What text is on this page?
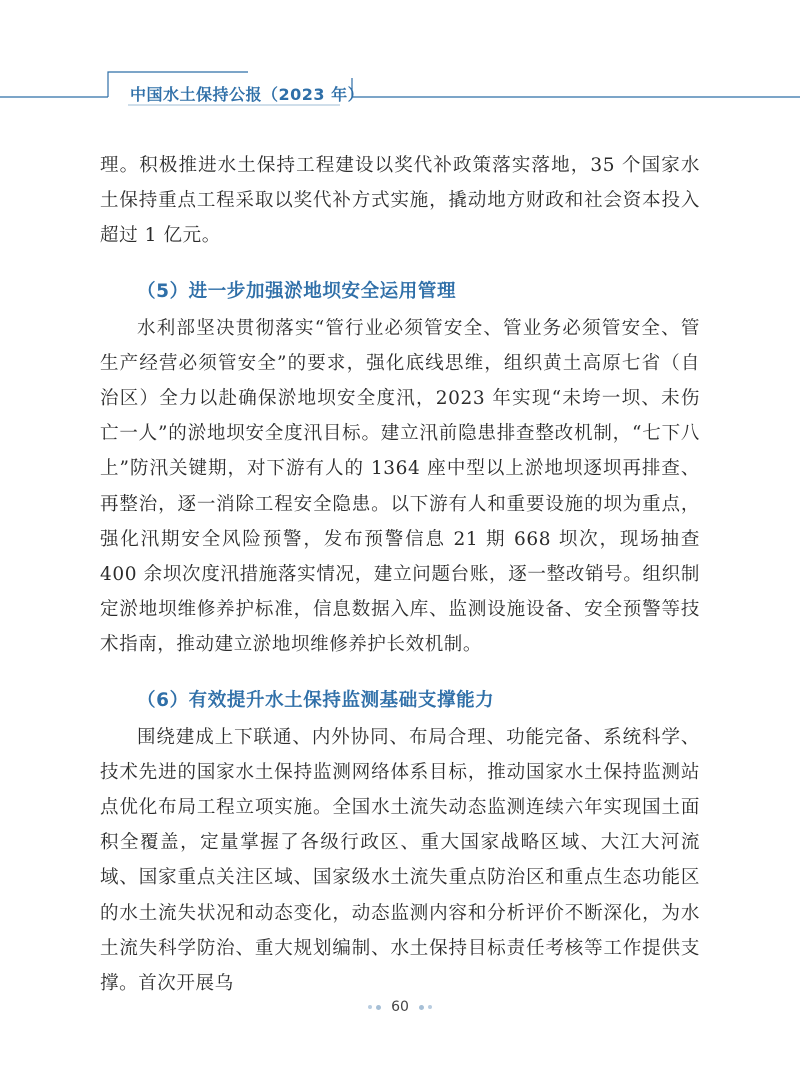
中国水土保持公报（2023 年）

理。积极推进水土保持工程建设以奖代补政策落实落地，35 个国家水土保持重点工程采取以奖代补方式实施，撬动地方财政和社会资本投入超过 1 亿元。

（5）进一步加强淤地坝安全运用管理

水利部坚决贯彻落实“管行业必须管安全、管业务必须管安全、管生产经营必须管安全”的要求，强化底线思维，组织黄土高原七省（自治区）全力以赴确保淤地坝安全度汛，2023 年实现“未垮一坝、未伤亡一人”的淤地坝安全度汛目标。建立汛前隐患排查整改机制，“七下八上”防汛关键期，对下游有人的 1364 座中型以上淤地坝逐坝再排查、再整治，逐一消除工程安全隐患。以下游有人和重要设施的坝为重点，强化汛期安全风险预警，发布预警信息 21 期 668 坝次，现场抽查 400 余坝次度汛措施落实情况，建立问题台账，逐一整改销号。组织制定淤地坝维修养护标准，信息数据入库、监测设施设备、安全预警等技术指南，推动建立淤地坝维修养护长效机制。

（6）有效提升水土保持监测基础支撑能力

围绕建成上下联通、内外协同、布局合理、功能完备、系统科学、技术先进的国家水土保持监测网络体系目标，推动国家水土保持监测站点优化布局工程立项实施。全国水土流失动态监测连续六年实现国土面积全覆盖，定量掌握了各级行政区、重大国家战略区域、大江大河流域、国家重点关注区域、国家级水土流失重点防治区和重点生态功能区的水土流失状况和动态变化，动态监测内容和分析评价不断深化，为水土流失科学防治、重大规划编制、水土保持目标责任考核等工作提供支撑。首次开展乌

60
